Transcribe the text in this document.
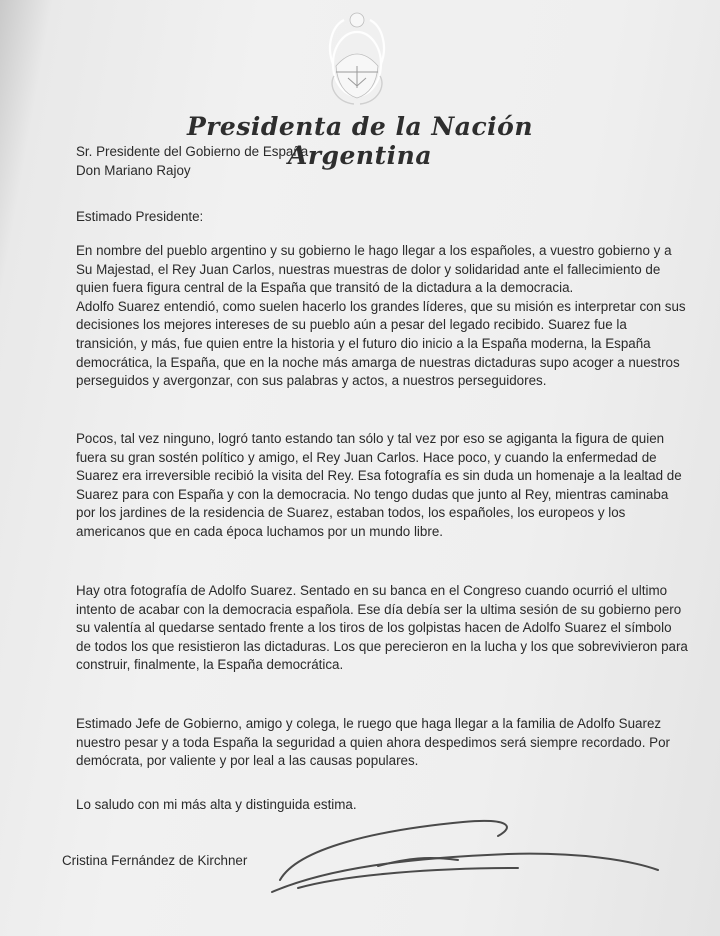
Presidenta de la Nación Argentina

Sr. Presidente del Gobierno de España

Don Mariano Rajoy

Estimado Presidente:

En nombre del pueblo argentino y su gobierno le hago llegar a los españoles, a vuestro gobierno y a Su Majestad, el Rey Juan Carlos, nuestras muestras de dolor y solidaridad ante el fallecimiento de quien fuera figura central de la España que transitó de la dictadura a la democracia.

Adolfo Suarez entendió, como suelen hacerlo los grandes líderes, que su misión es interpretar con sus decisiones los mejores intereses de su pueblo aún a pesar del legado recibido. Suarez fue la transición, y más, fue quien entre la historia y el futuro dio inicio a la España moderna, la España democrática, la España, que en la noche más amarga de nuestras dictaduras supo acoger a nuestros perseguidos y avergonzar, con sus palabras y actos, a nuestros perseguidores.

Pocos, tal vez ninguno, logró tanto estando tan sólo y tal vez por eso se agiganta la figura de quien fuera su gran sostén político y amigo, el Rey Juan Carlos. Hace poco, y cuando la enfermedad de Suarez era irreversible recibió la visita del Rey. Esa fotografía es sin duda un homenaje a la lealtad de Suarez para con España y con la democracia. No tengo dudas que junto al Rey, mientras caminaba por los jardines de la residencia de Suarez, estaban todos, los españoles, los europeos y los americanos que en cada época luchamos por un mundo libre.
Hay otra fotografía de Adolfo Suarez. Sentado en su banca en el Congreso cuando ocurrió el ultimo intento de acabar con la democracia española. Ese día debía ser la ultima sesión de su gobierno pero su valentía al quedarse sentado frente a los tiros de los golpistas hacen de Adolfo Suarez el símbolo de todos los que resistieron las dictaduras. Los que perecieron en la lucha y los que sobrevivieron para construir, finalmente, la España democrática.
Estimado Jefe de Gobierno, amigo y colega, le ruego que haga llegar a la familia de Adolfo Suarez nuestro pesar y a toda España la seguridad a quien ahora despedimos será siempre recordado. Por demócrata, por valiente y por leal a las causas populares.
Lo saludo con mi más alta y distinguida estima.
Cristina Fernández de Kirchner
